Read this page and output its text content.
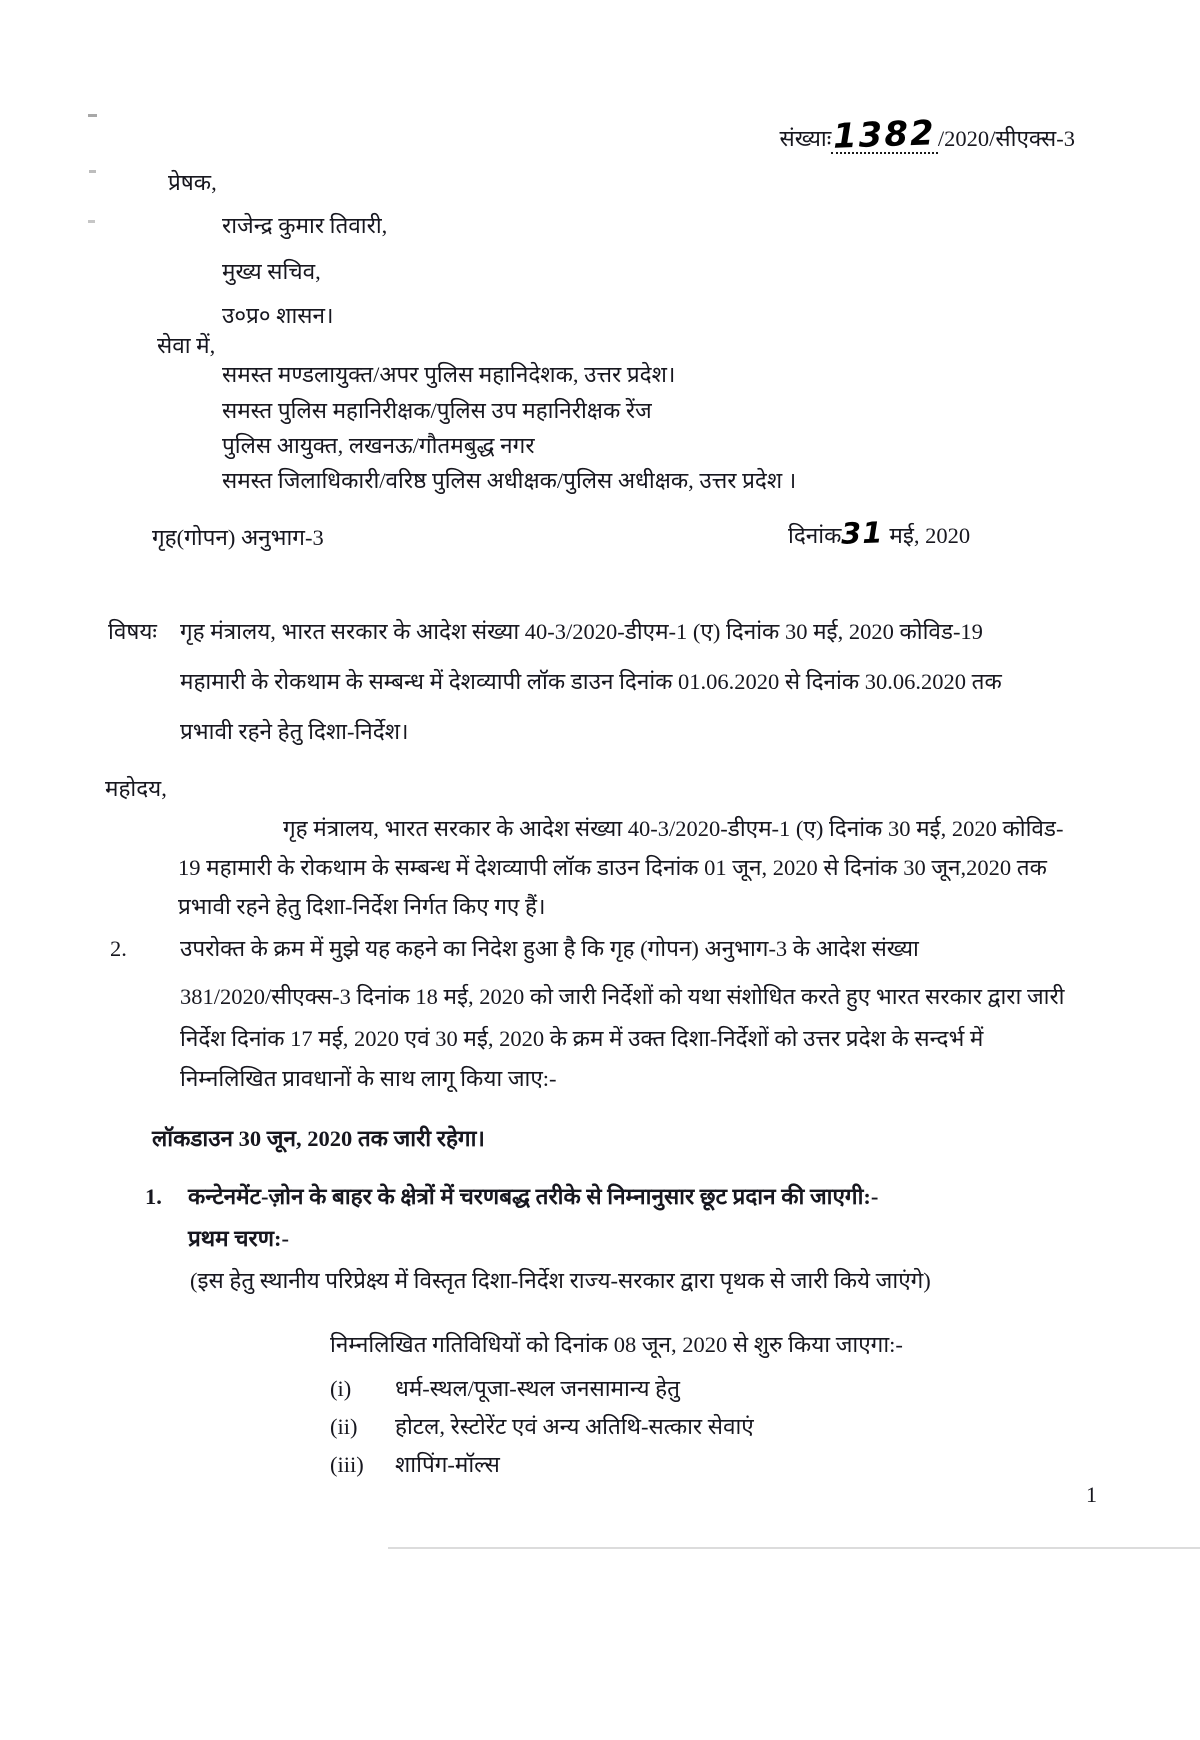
संख्याः1382/2020/सीएक्स-3
प्रेषक,
राजेन्द्र कुमार तिवारी,
मुख्य सचिव,
उ०प्र० शासन।
सेवा में,
समस्त मण्डलायुक्त/अपर पुलिस महानिदेशक, उत्तर प्रदेश।
समस्त पुलिस महानिरीक्षक/पुलिस उप महानिरीक्षक रेंज
पुलिस आयुक्त, लखनऊ/गौतमबुद्ध नगर
समस्त जिलाधिकारी/वरिष्ठ पुलिस अधीक्षक/पुलिस अधीक्षक, उत्तर प्रदेश ।
गृह(गोपन) अनुभाग-3	दिनांक31 मई, 2020
विषयः गृह मंत्रालय, भारत सरकार के आदेश संख्या 40-3/2020-डीएम-1 (ए) दिनांक 30 मई, 2020 कोविड-19
महामारी के रोकथाम के सम्बन्ध में देशव्यापी लॉक डाउन दिनांक 01.06.2020 से दिनांक 30.06.2020 तक
प्रभावी रहने हेतु दिशा-निर्देश।
महोदय,
गृह मंत्रालय, भारत सरकार के आदेश संख्या 40-3/2020-डीएम-1 (ए) दिनांक 30 मई, 2020 कोविड-
19 महामारी के रोकथाम के सम्बन्ध में देशव्यापी लॉक डाउन दिनांक 01 जून, 2020 से दिनांक 30 जून,2020 तक
प्रभावी रहने हेतु दिशा-निर्देश निर्गत किए गए हैं।
2. उपरोक्त के क्रम में मुझे यह कहने का निदेश हुआ है कि गृह (गोपन) अनुभाग-3 के आदेश संख्या
381/2020/सीएक्स-3 दिनांक 18 मई, 2020 को जारी निर्देशों को यथा संशोधित करते हुए भारत सरकार द्वारा जारी
निर्देश दिनांक 17 मई, 2020 एवं 30 मई, 2020 के क्रम में उक्त दिशा-निर्देशों को उत्तर प्रदेश के सन्दर्भ में
निम्नलिखित प्रावधानों के साथ लागू किया जाए:-
लॉकडाउन 30 जून, 2020 तक जारी रहेगा।
1. कन्टेनमेंट-ज़ोन के बाहर के क्षेत्रों में चरणबद्ध तरीके से निम्नानुसार छूट प्रदान की जाएगी:-
प्रथम चरण:-
(इस हेतु स्थानीय परिप्रेक्ष्य में विस्तृत दिशा-निर्देश राज्य-सरकार द्वारा पृथक से जारी किये जाएंगे)
निम्नलिखित गतिविधियों को दिनांक 08 जून, 2020 से शुरु किया जाएगा:-
(i) धर्म-स्थल/पूजा-स्थल जनसामान्य हेतु
(ii) होटल, रेस्टोरेंट एवं अन्य अतिथि-सत्कार सेवाएं
(iii) शापिंग-मॉल्स
1
